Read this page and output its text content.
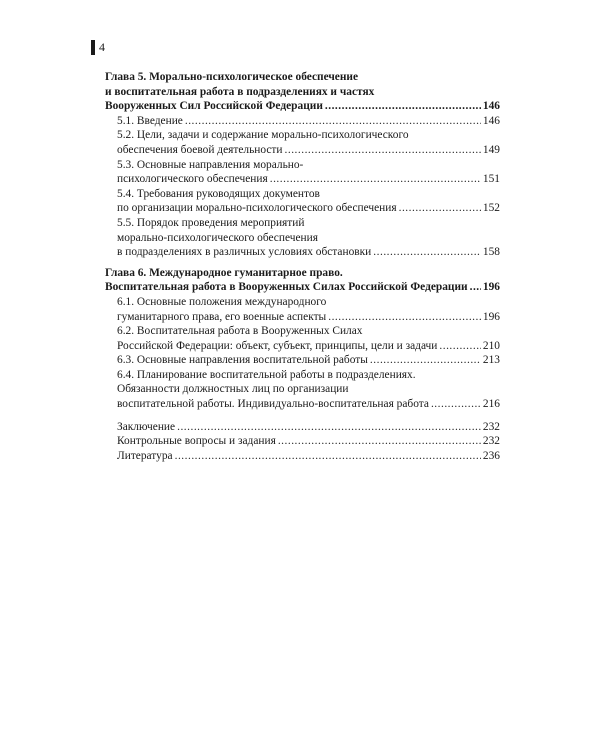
4
Глава 5. Морально-психологическое обеспечение
и воспитательная работа в подразделениях и частях
Вооруженных Сил Российской Федерации .....	146
5.1. Введение .....	146
5.2. Цели, задачи и содержание морально-психологического
обеспечения боевой деятельности .....	149
5.3. Основные направления морально-
психологического обеспечения .....	151
5.4. Требования руководящих документов
по организации морально-психологического обеспечения .....	152
5.5. Порядок проведения мероприятий
морально-психологического обеспечения
в подразделениях в различных условиях обстановки .....	158
Глава 6. Международное гуманитарное право.
Воспитательная работа в Вооруженных Силах Российской Федерации ..... 196
6.1. Основные положения международного
гуманитарного права, его военные аспекты .....	196
6.2. Воспитательная работа в Вооруженных Силах
Российской Федерации: объект, субъект, принципы, цели и задачи .....	210
6.3. Основные направления воспитательной работы .....	213
6.4. Планирование воспитательной работы в подразделениях.
Обязанности должностных лиц по организации
воспитательной работы. Индивидуально-воспитательная работа .....	216
Заключение .....	232
Контрольные вопросы и задания .....	232
Литература .....	236
